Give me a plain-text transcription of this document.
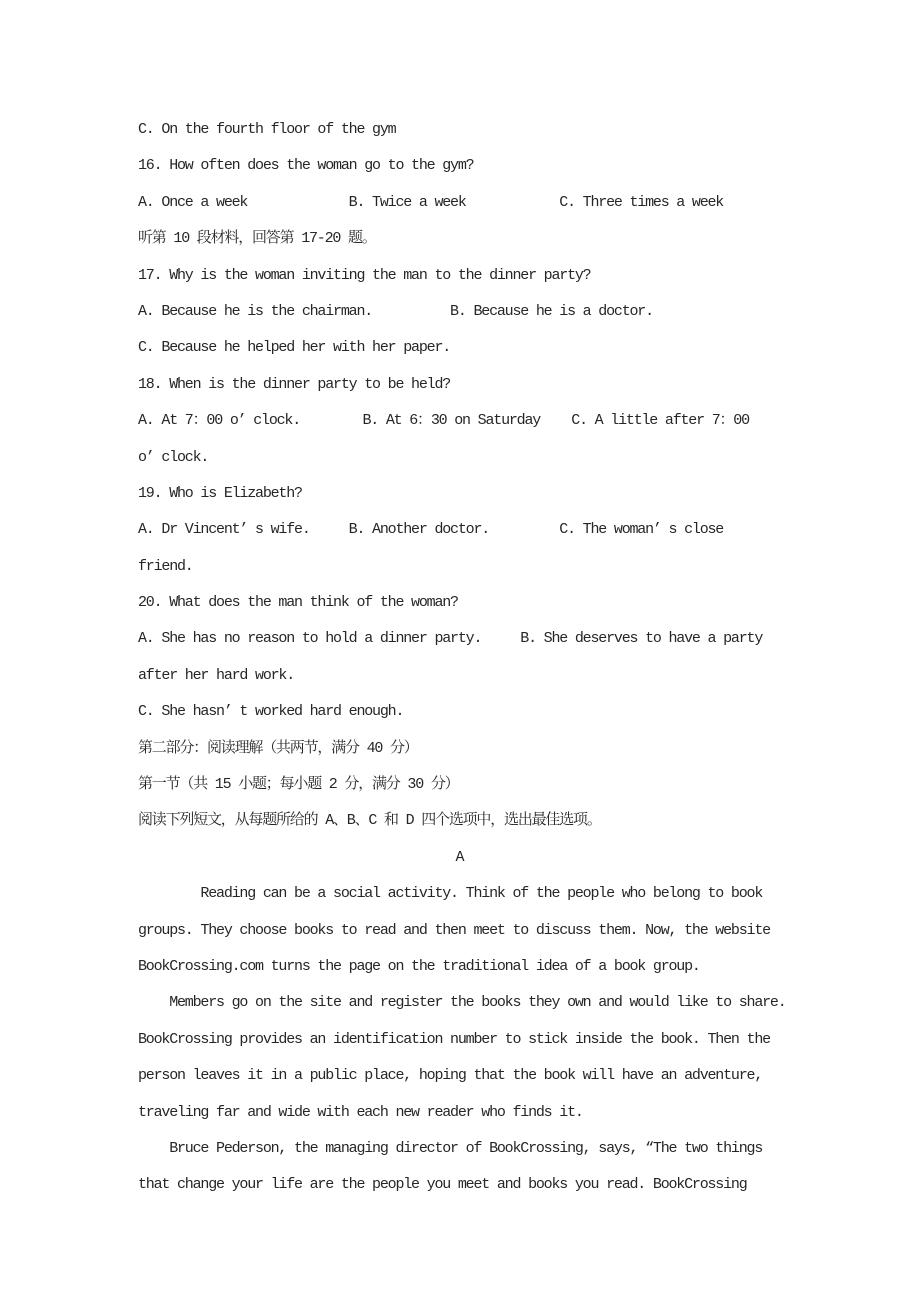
C. On the fourth floor of the gym
16. How often does the woman go to the gym?
A. Once a week             B. Twice a week            C. Three times a week
听第 10 段材料，回答第 17-20 题。
17. Why is the woman inviting the man to the dinner party?
A. Because he is the chairman.          B. Because he is a doctor.
C. Because he helped her with her paper.
18. When is the dinner party to be held?
A. At 7：00 o’ clock.        B. At 6：30 on Saturday    C. A little after 7：00
o’ clock.
19. Who is Elizabeth?
A. Dr Vincent’ s wife.     B. Another doctor.         C. The woman’ s close
friend.
20. What does the man think of the woman?
A. She has no reason to hold a dinner party.     B. She deserves to have a party
after her hard work.
C. She hasn’ t worked hard enough.
第二部分：阅读理解（共两节，满分 40 分）
第一节（共 15 小题；每小题 2 分，满分 30 分）
阅读下列短文，从每题所给的 A、B、C 和 D 四个选项中，选出最佳选项。
A
Reading can be a social activity. Think of the people who belong to book
groups. They choose books to read and then meet to discuss them. Now, the website
BookCrossing.com turns the page on the traditional idea of a book group.
Members go on the site and register the books they own and would like to share.
BookCrossing provides an identification number to stick inside the book. Then the
person leaves it in a public place, hoping that the book will have an adventure,
traveling far and wide with each new reader who finds it.
Bruce Pederson, the managing director of BookCrossing, says, “The two things
that change your life are the people you meet and books you read. BookCrossing
